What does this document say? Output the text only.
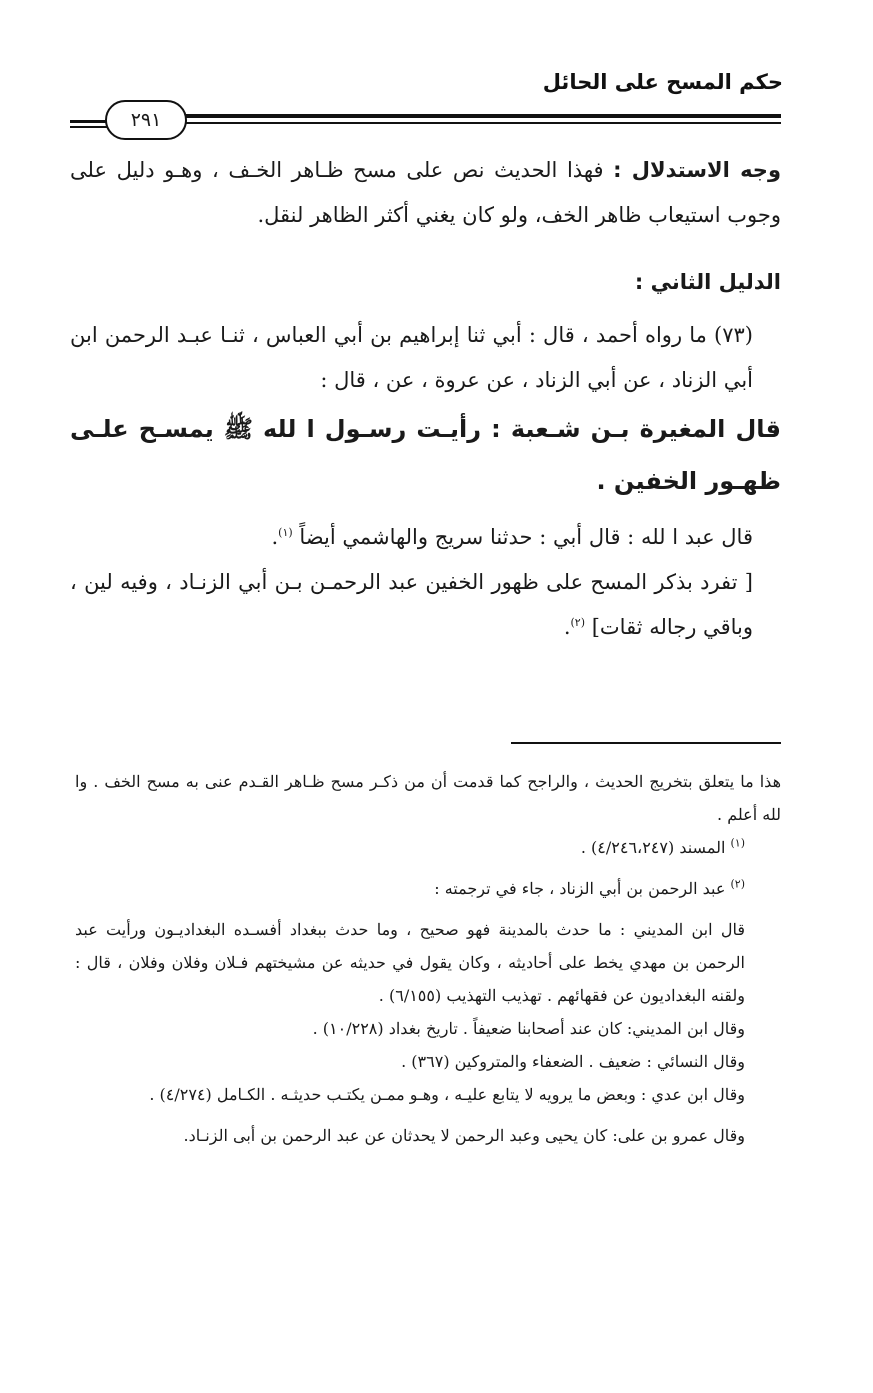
حكم المسح على الحائل
٢٩١

وجه الاستدلال : فهذا الحديث نص على مسح ظـاهر الخـف ، وهـو دليل على وجوب استيعاب ظاهر الخف، ولو كان يغني أكثر الظاهر لنقل.

الدليل الثاني :

(٧٣) ما رواه أحمد ، قال : أبي ثنا إبراهيم بن أبي العباس ، ثنـا عبـد الرحمن ابن أبي الزناد ، عن أبي الزناد ، عن عروة ، عن ، قال :

قال المغيرة بـن شـعبة : رأيـت رسـول ا لله ﷺ يمسـح علـى ظهـور الخفين .

قال عبد ا لله : قال أبي : حدثنا سريج والهاشمي أيضاً $^{(١)}$.

[ تفرد بذكر المسح على ظهور الخفين عبد الرحمـن بـن أبي الزنـاد ، وفيه لين ، وباقي رجاله ثقات] $^{(٢)}$.

هذا ما يتعلق بتخريج الحديث ، والراجح كما قدمت أن من ذكـر مسح ظـاهر القـدم عنى به مسح الخف . وا لله أعلم .

$^{(١)}$ المسند (٤/٢٤٦،٢٤٧) .

$^{(٢)}$ عبد الرحمن بن أبي الزناد ، جاء في ترجمته :

قال ابن المديني : ما حدث بالمدينة فهو صحيح ، وما حدث ببغداد أفسـده البغداديـون ورأيت عبد الرحمن بن مهدي يخط على أحاديثه ، وكان يقول في حديثه عن مشيختهم فـلان وفلان وفلان ، قال : ولقنه البغداديون عن فقهائهم . تهذيب التهذيب (٦/١٥٥) .

وقال ابن المديني: كان عند أصحابنا ضعيفاً . تاريخ بغداد (١٠/٢٢٨) .

وقال النسائي : ضعيف . الضعفاء والمتروكين (٣٦٧) .

وقال ابن عدي : وبعض ما يرويه لا يتابع عليـه ، وهـو ممـن يكتـب حديثـه . الكـامل (٤/٢٧٤) .

وقال عمرو بن على: كان يحيى وعبد الرحمن لا يحدثان عن عبد الرحمن بن أبى الزنـاد.
